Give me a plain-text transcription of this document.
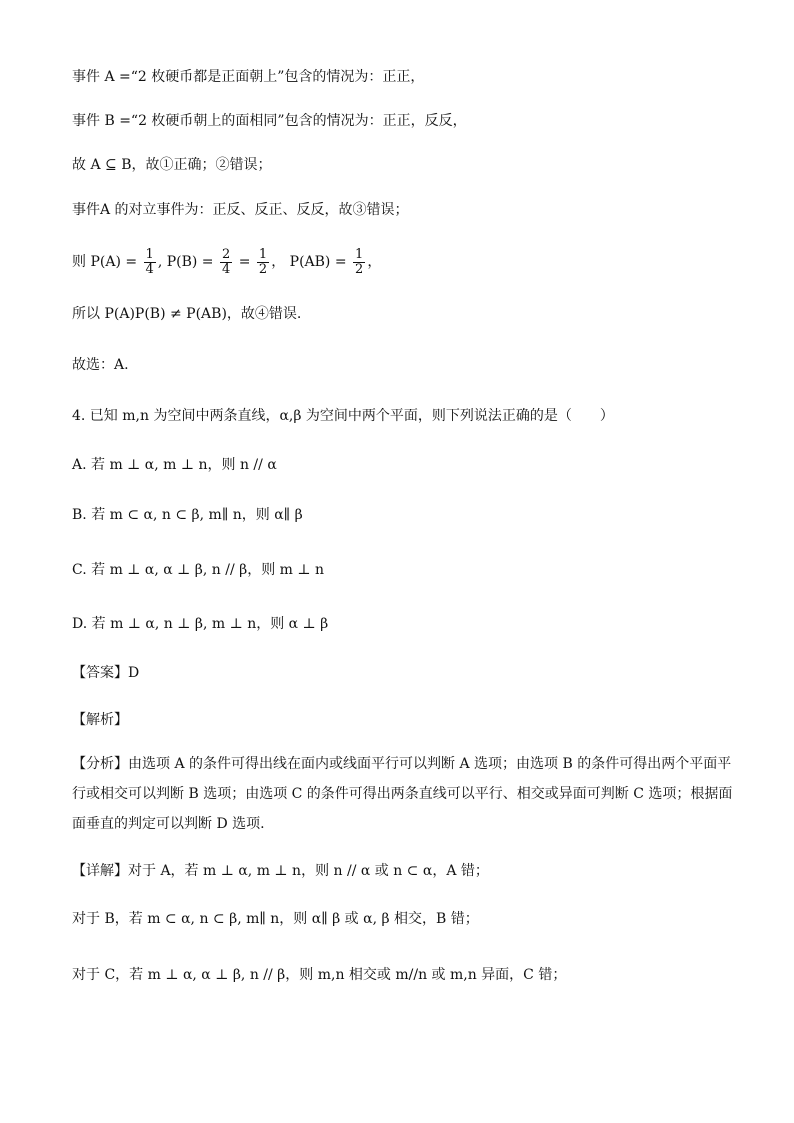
事件 A =“2 枚硬币都是正面朝上”包含的情况为：正正，
事件 B =“2 枚硬币朝上的面相同”包含的情况为：正正，反反，
故 A ⊆ B，故①正确；②错误；
事件A 的对立事件为：正反、反正、反反，故③错误；
则 $P(A) = \frac{1}{4}$ , $P(B) = \frac{2}{4} = \frac{1}{2}$ ， $P(AB) = \frac{1}{2}$ ，
所以 P(A)P(B) ≠ P(AB)，故④错误.
故选：A.
4. 已知 m,n 为空间中两条直线，α,β 为空间中两个平面，则下列说法正确的是（　　）
A. 若 m ⊥ α, m ⊥ n，则 n // α
B. 若 m ⊂ α, n ⊂ β, m∥ n，则 α∥ β
C. 若 m ⊥ α, α ⊥ β, n // β，则 m ⊥ n
D. 若 m ⊥ α, n ⊥ β, m ⊥ n，则 α ⊥ β
【答案】D
【解析】
【分析】由选项 A 的条件可得出线在面内或线面平行可以判断 A 选项；由选项 B 的条件可得出两个平面平行或相交可以判断 B 选项；由选项 C 的条件可得出两条直线可以平行、相交或异面可判断 C 选项；根据面面垂直的判定可以判断 D 选项.
【详解】对于 A，若 m ⊥ α, m ⊥ n，则 n // α 或 n ⊂ α，A 错；
对于 B，若 m ⊂ α, n ⊂ β, m∥ n，则 α∥ β 或 α, β 相交，B 错；
对于 C，若 m ⊥ α, α ⊥ β, n // β，则 m,n 相交或 m//n 或 m,n 异面，C 错；
